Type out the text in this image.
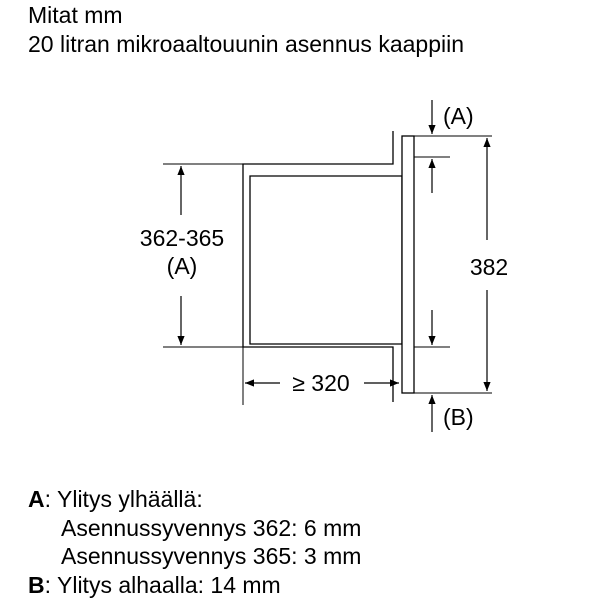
Mitat mm
20 litran mikroaaltouunin asennus kaappiin
362-365
(A)
(A)
(B)
382
≥ 320
A: Ylitys ylhäällä:
Asennussyvennys 362: 6 mm
Asennussyvennys 365: 3 mm
B: Ylitys alhaalla: 14 mm
